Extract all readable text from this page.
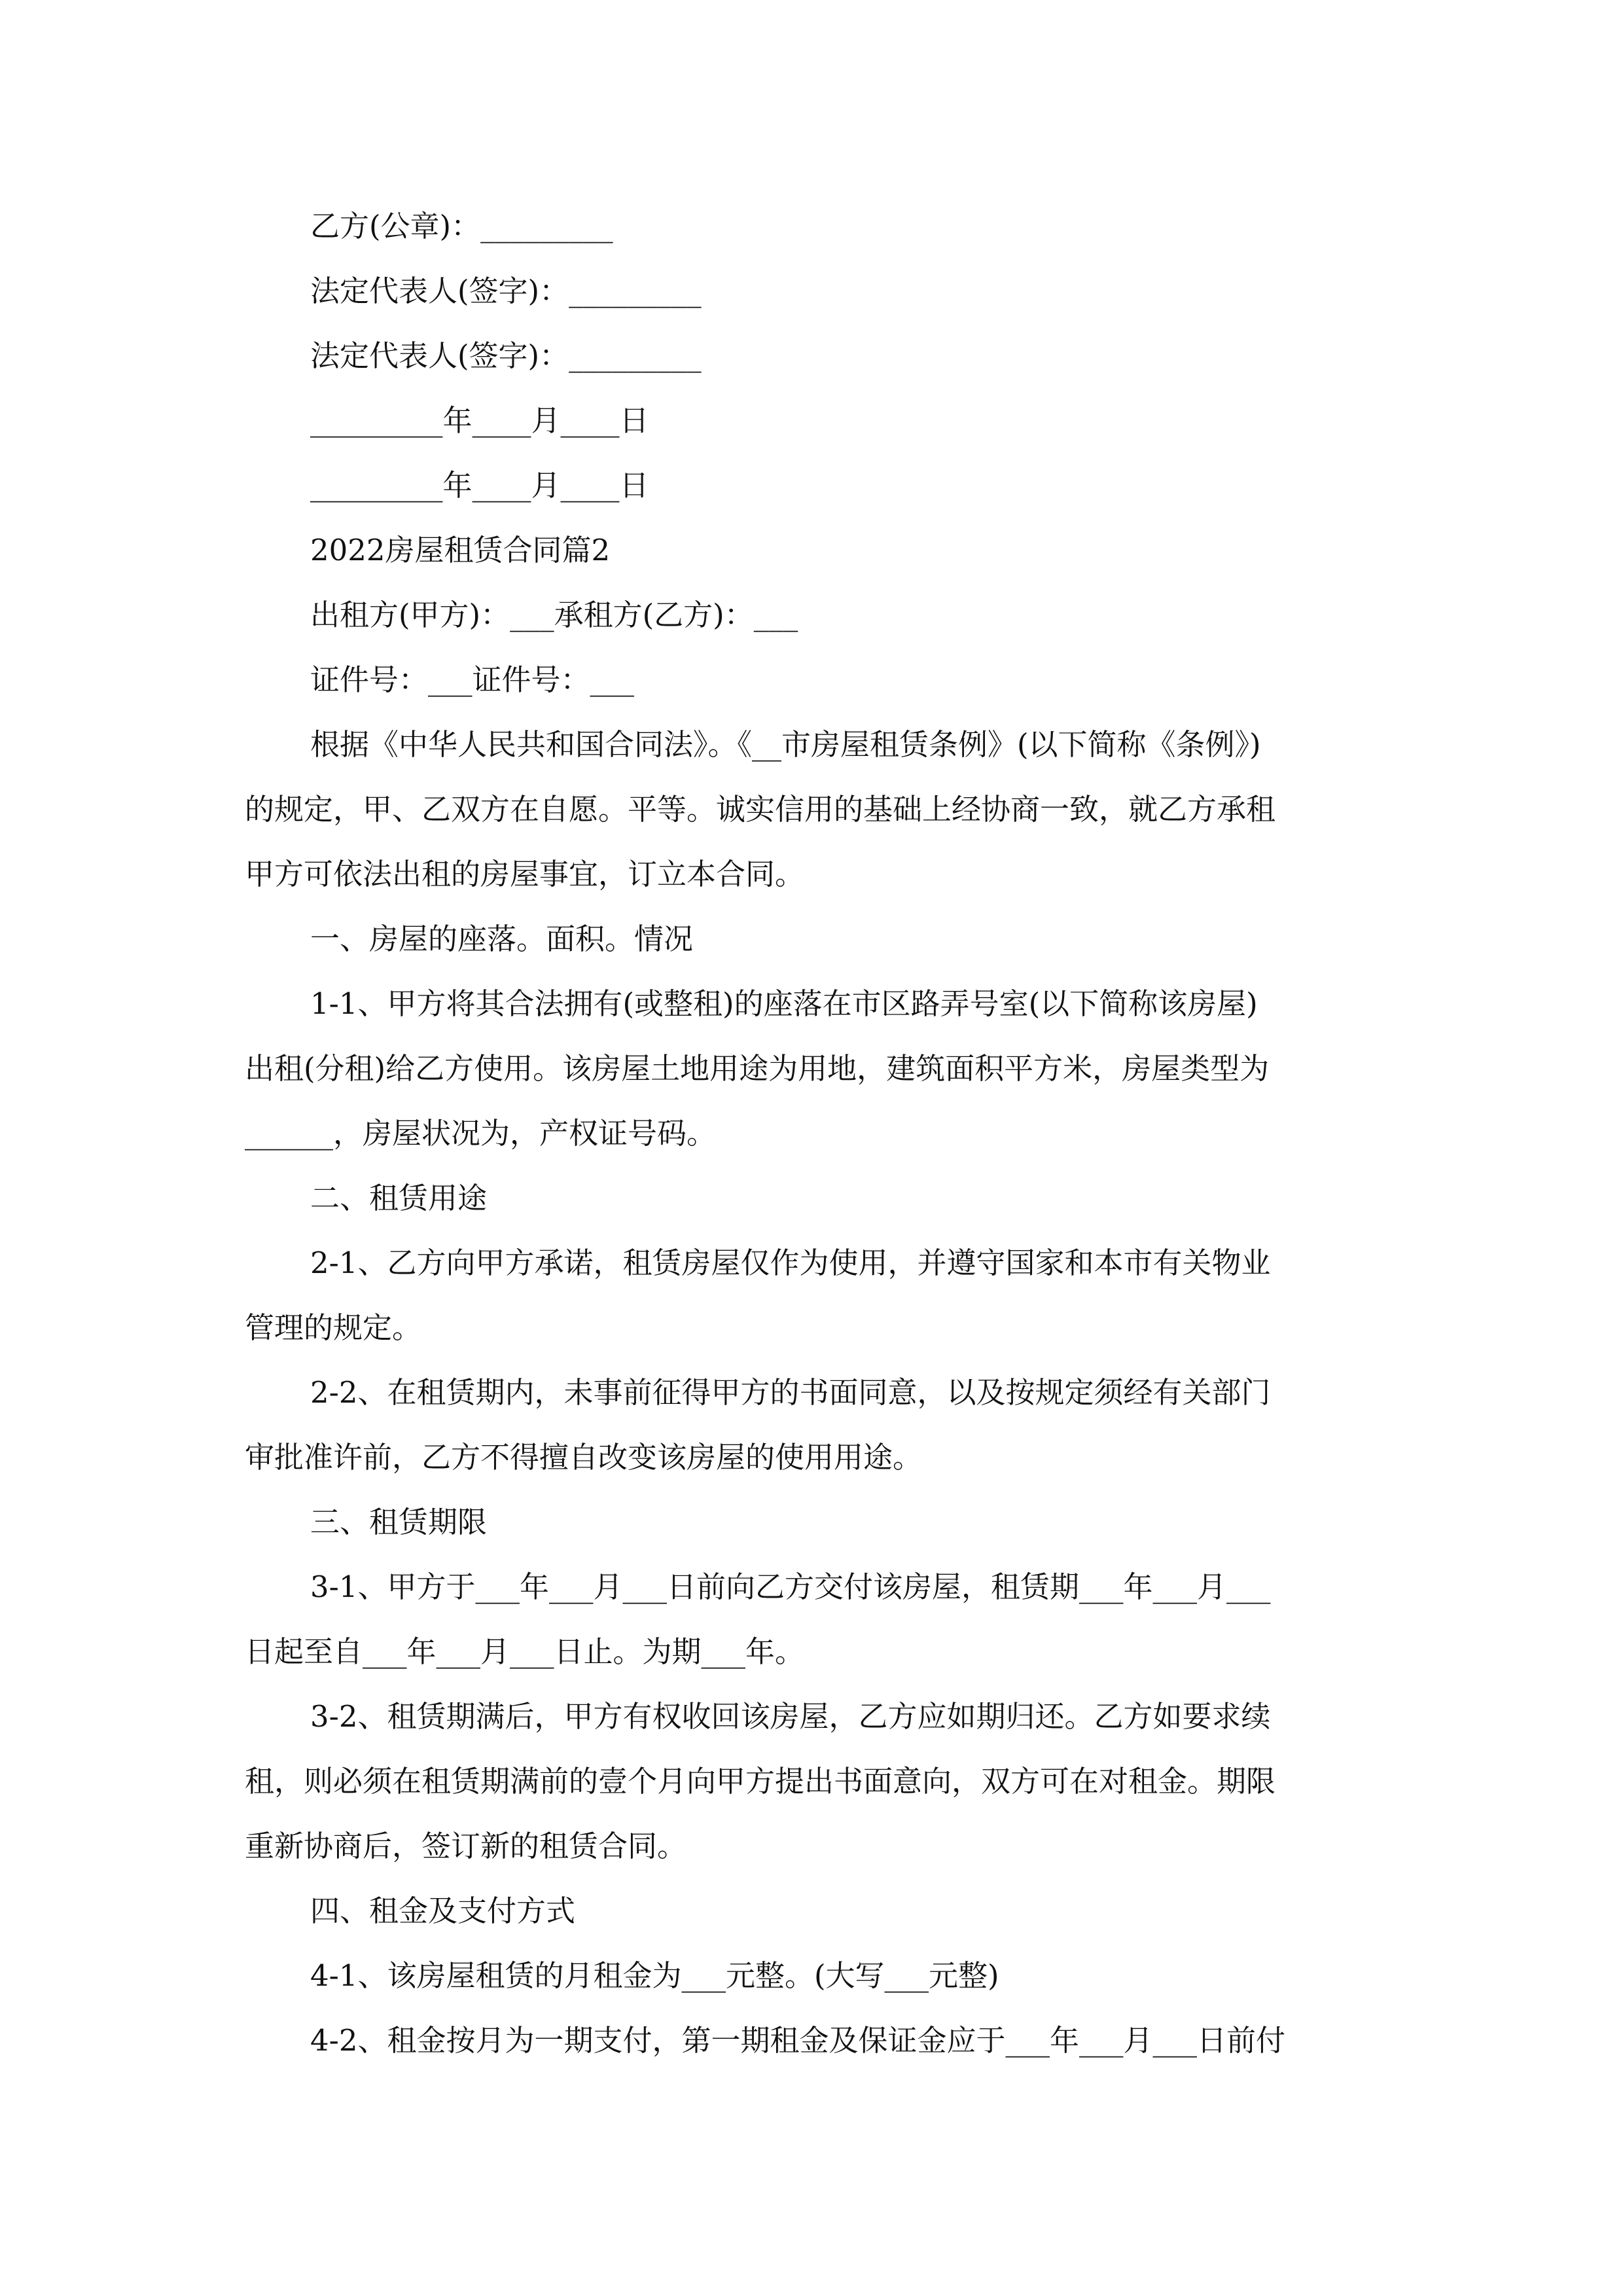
乙方(公章)：_________

法定代表人(签字)：_________

法定代表人(签字)：_________

_________年____月____日

_________年____月____日

2022房屋租赁合同篇2

出租方(甲方)：___承租方(乙方)：___

证件号：___证件号：___

根据《中华人民共和国合同法》。《__市房屋租赁条例》(以下简称《条例》)

的规定，甲、乙双方在自愿。平等。诚实信用的基础上经协商一致，就乙方承租

甲方可依法出租的房屋事宜，订立本合同。

一、房屋的座落。面积。情况

1-1、甲方将其合法拥有(或整租)的座落在市区路弄号室(以下简称该房屋)

出租(分租)给乙方使用。该房屋土地用途为用地，建筑面积平方米，房屋类型为

______，房屋状况为，产权证号码。

二、租赁用途

2-1、乙方向甲方承诺，租赁房屋仅作为使用，并遵守国家和本市有关物业

管理的规定。

2-2、在租赁期内，未事前征得甲方的书面同意，以及按规定须经有关部门

审批准许前，乙方不得擅自改变该房屋的使用用途。

三、租赁期限

3-1、甲方于___年___月___日前向乙方交付该房屋，租赁期___年___月___

日起至自___年___月___日止。为期___年。

3-2、租赁期满后，甲方有权收回该房屋，乙方应如期归还。乙方如要求续

租，则必须在租赁期满前的壹个月向甲方提出书面意向，双方可在对租金。期限

重新协商后，签订新的租赁合同。

四、租金及支付方式

4-1、该房屋租赁的月租金为___元整。(大写___元整)

4-2、租金按月为一期支付，第一期租金及保证金应于___年___月___日前付
